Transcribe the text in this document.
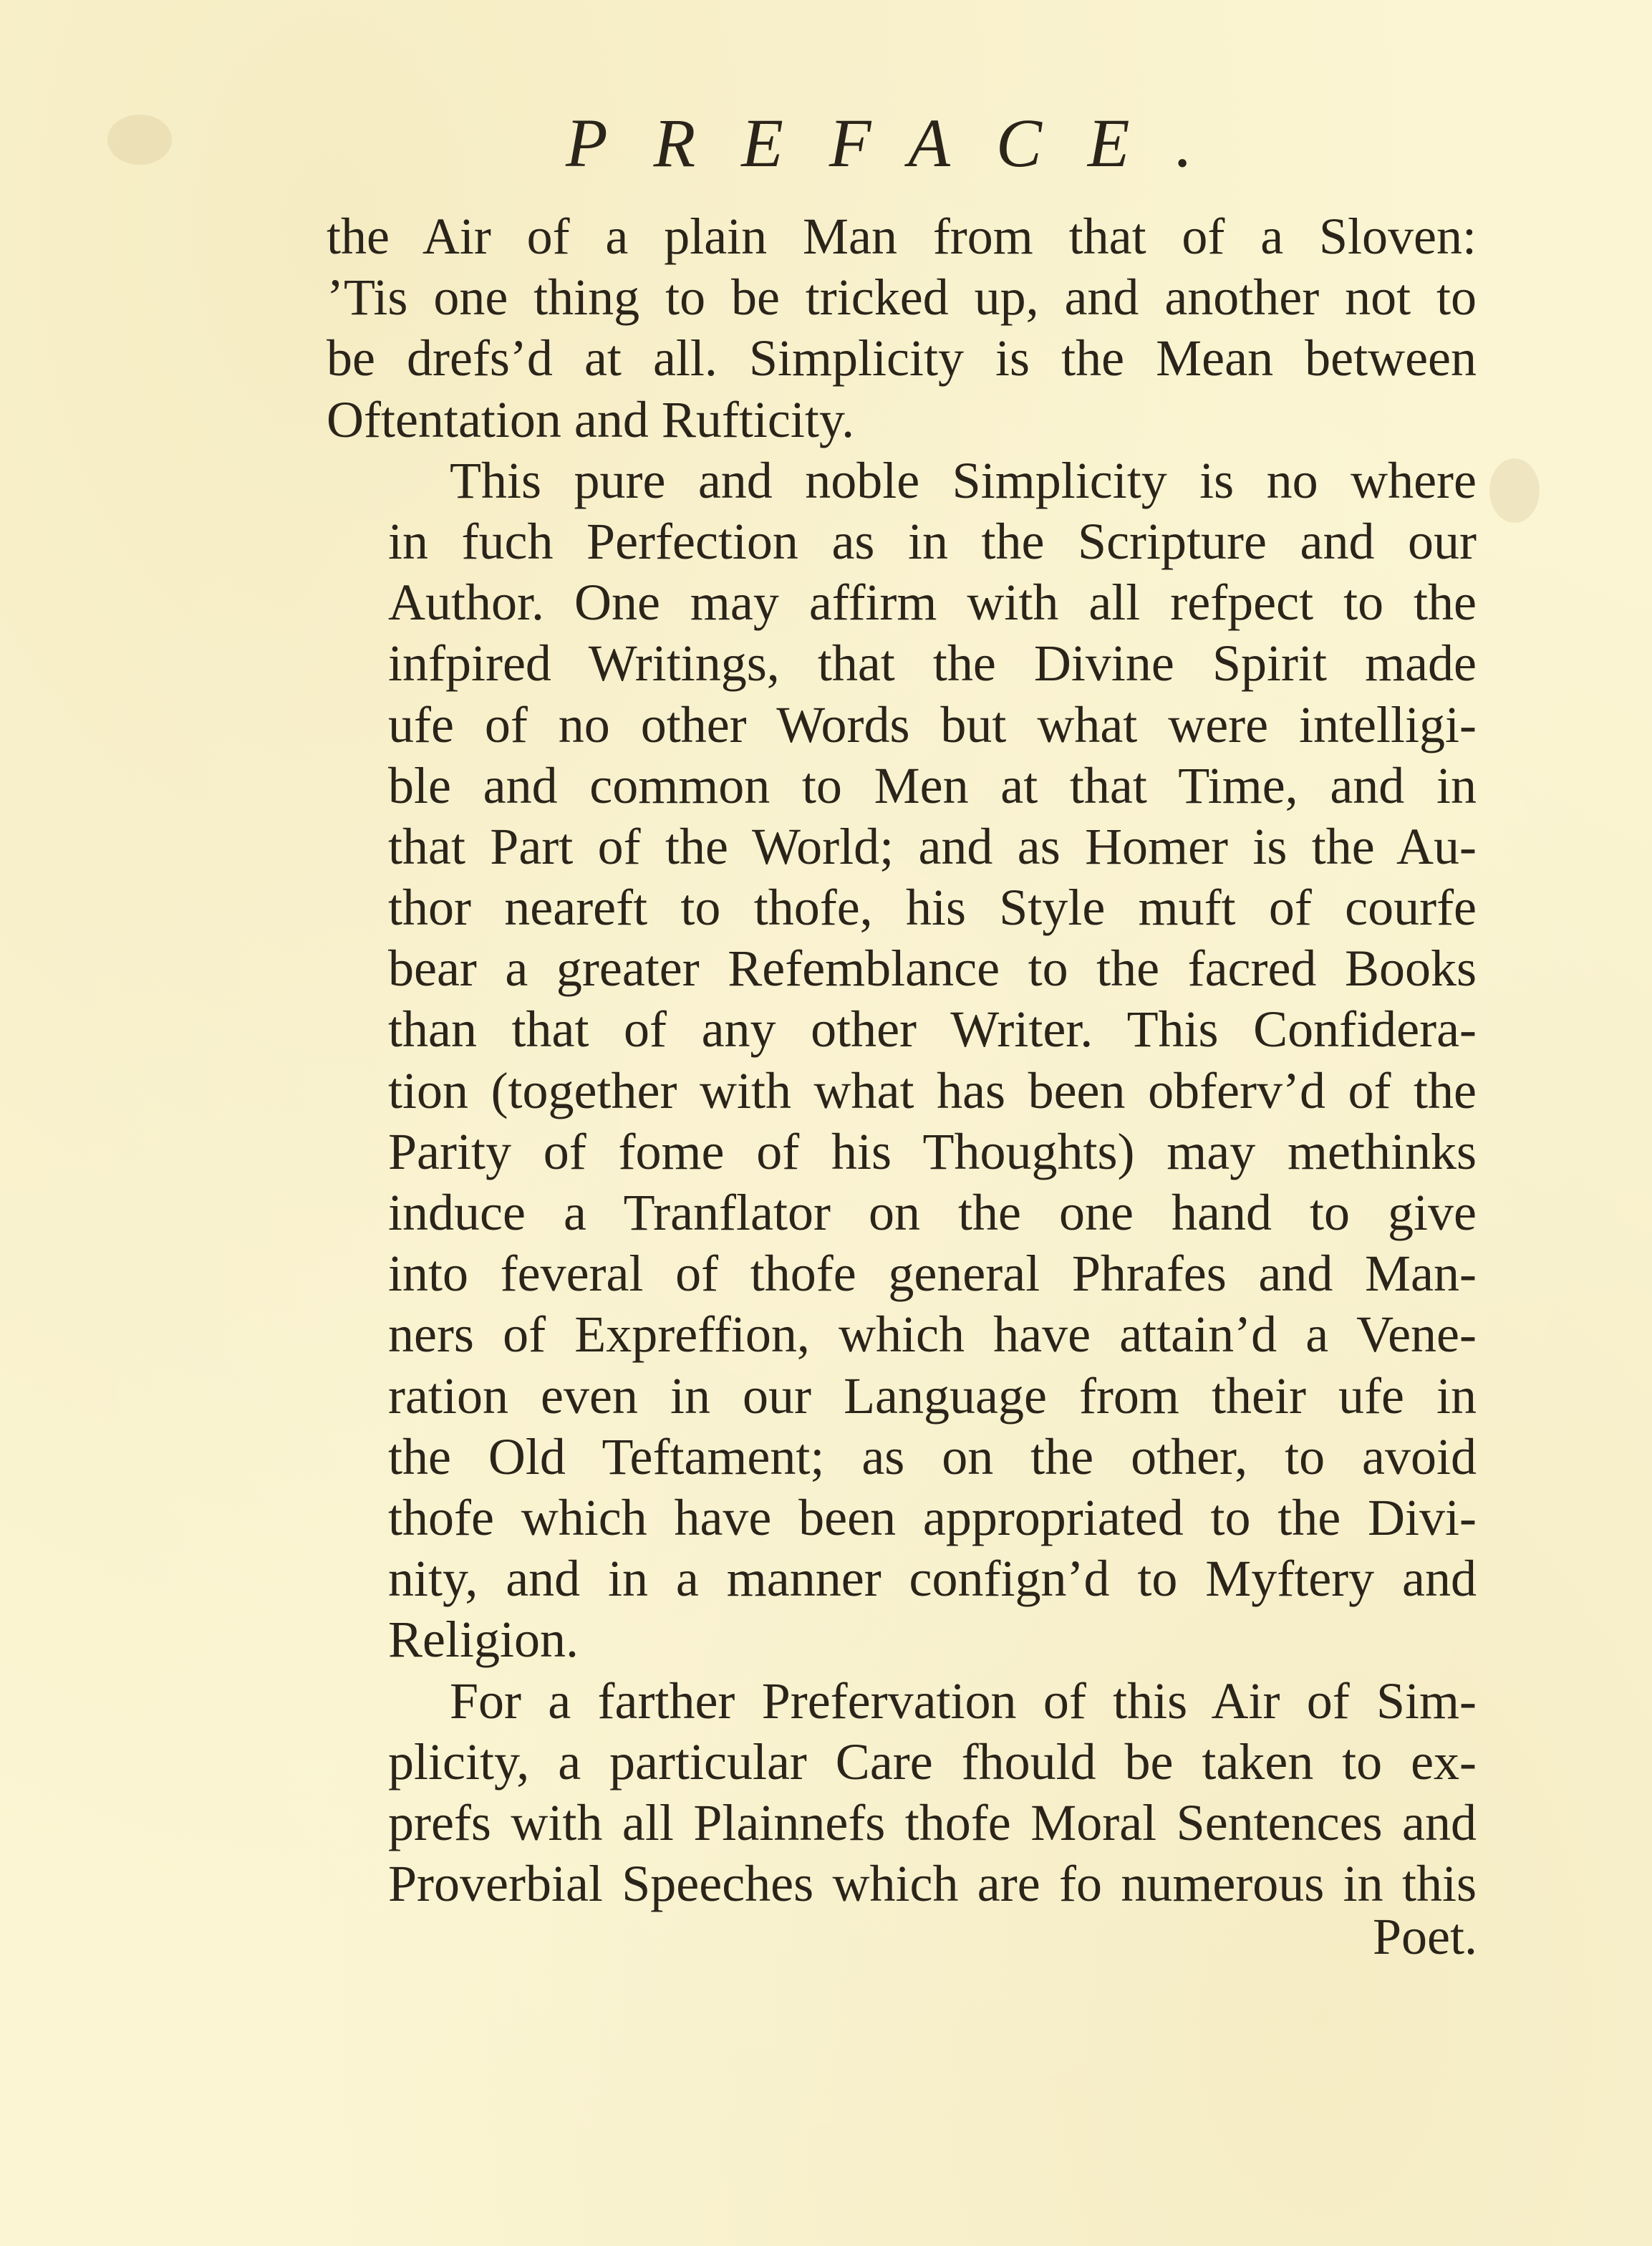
PREFACE.

the Air of a plain Man from that of a Sloven:
’Tis one thing to be tricked up, and another not to
be drefs’d at all. Simplicity is the Mean between
Oftentation and Rufticity.

This pure and noble Simplicity is no where
in fuch Perfection as in the Scripture and our
Author. One may affirm with all refpect to the
infpired Writings, that the Divine Spirit made
ufe of no other Words but what were intelligi-
ble and common to Men at that Time, and in
that Part of the World; and as Homer is the Au-
thor neareft to thofe, his Style muft of courfe
bear a greater Refemblance to the facred Books
than that of any other Writer. This Confidera-
tion (together with what has been obferv’d of the
Parity of fome of his Thoughts) may methinks
induce a Tranflator on the one hand to give
into feveral of thofe general Phrafes and Man-
ners of Expreffion, which have attain’d a Vene-
ration even in our Language from their ufe in
the Old Teftament; as on the other, to avoid
thofe which have been appropriated to the Divi-
nity, and in a manner confign’d to Myftery and
Religion.

For a farther Prefervation of this Air of Sim-
plicity, a particular Care fhould be taken to ex-
prefs with all Plainnefs thofe Moral Sentences and
Proverbial Speeches which are fo numerous in this

Poet.
